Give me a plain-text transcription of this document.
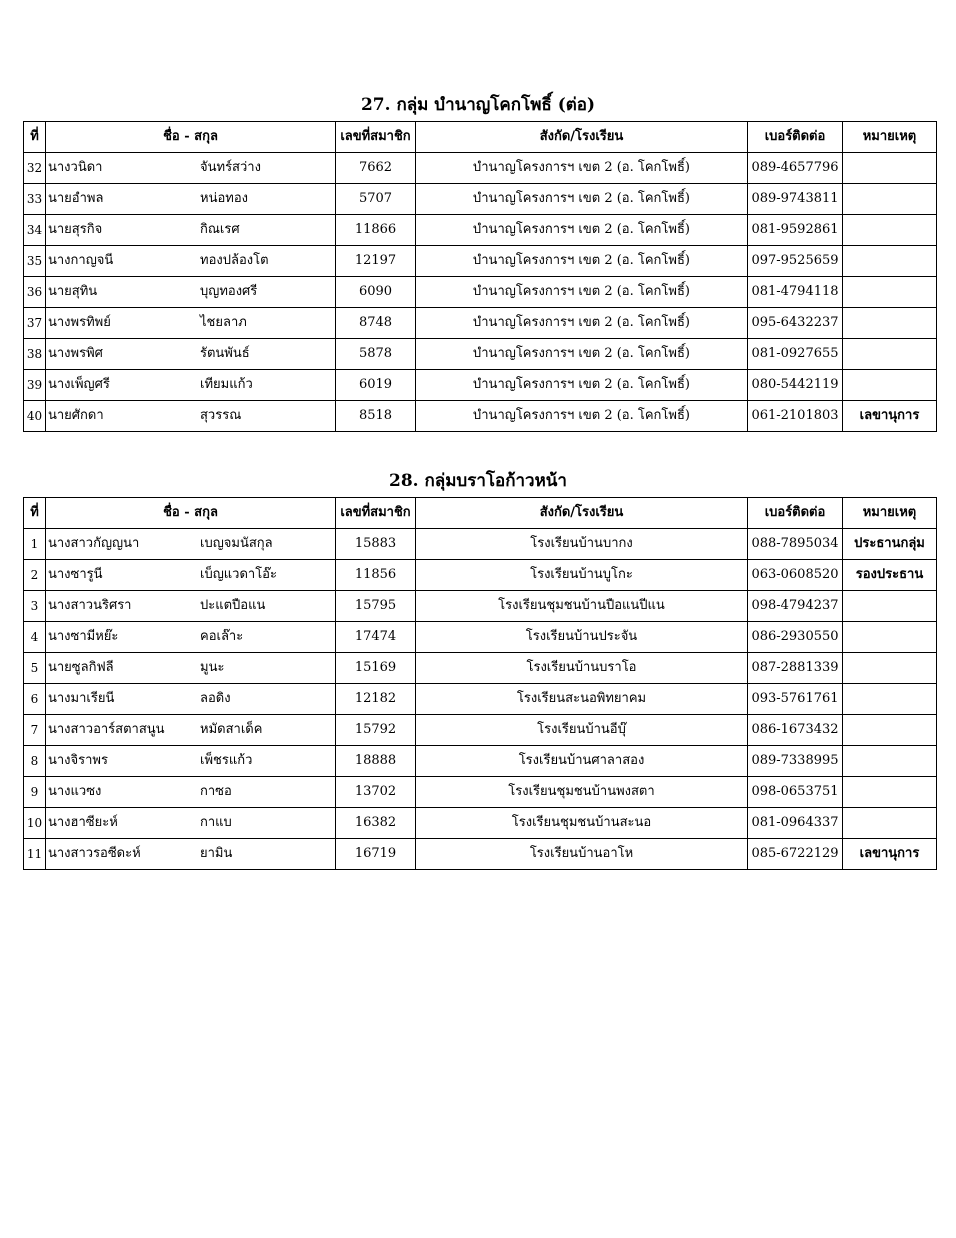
27. กลุ่ม บำนาญโคกโพธิ์ (ต่อ)
ที่	ชื่อ - สกุล	เลขที่สมาชิก	สังกัด/โรงเรียน	เบอร์ติดต่อ	หมายเหตุ
32	นางวนิดา จันทร์สว่าง	7662	บำนาญโครงการฯ เขต 2 (อ. โคกโพธิ์)	089-4657796	
33	นายอำพล หน่อทอง	5707	บำนาญโครงการฯ เขต 2 (อ. โคกโพธิ์)	089-9743811	
34	นายสุรกิจ กิณเรศ	11866	บำนาญโครงการฯ เขต 2 (อ. โคกโพธิ์)	081-9592861	
35	นางกาญจนี ทองปล้องโต	12197	บำนาญโครงการฯ เขต 2 (อ. โคกโพธิ์)	097-9525659	
36	นายสุทิน บุญทองศรี	6090	บำนาญโครงการฯ เขต 2 (อ. โคกโพธิ์)	081-4794118	
37	นางพรทิพย์ ไชยลาภ	8748	บำนาญโครงการฯ เขต 2 (อ. โคกโพธิ์)	095-6432237	
38	นางพรพิศ รัตนพันธ์	5878	บำนาญโครงการฯ เขต 2 (อ. โคกโพธิ์)	081-0927655	
39	นางเพ็ญศรี เทียมแก้ว	6019	บำนาญโครงการฯ เขต 2 (อ. โคกโพธิ์)	080-5442119	
40	นายศักดา สุวรรณ	8518	บำนาญโครงการฯ เขต 2 (อ. โคกโพธิ์)	061-2101803	เลขานุการ
28. กลุ่มบราโอก้าวหน้า
ที่	ชื่อ - สกุล	เลขที่สมาชิก	สังกัด/โรงเรียน	เบอร์ติดต่อ	หมายเหตุ
1	นางสาวกัญญนา เบญจมนัสกุล	15883	โรงเรียนบ้านบากง	088-7895034	ประธานกลุ่ม
2	นางซารูนี เบ็ญแวดาโอ๊ะ	11856	โรงเรียนบ้านบูโกะ	063-0608520	รองประธาน
3	นางสาวนริศรา ปะแตปือแน	15795	โรงเรียนชุมชนบ้านปือแนปีแน	098-4794237	
4	นางซามีหย๊ะ คอเล๊าะ	17474	โรงเรียนบ้านประจัน	086-2930550	
5	นายซูลกิฟลี มูนะ	15169	โรงเรียนบ้านบราโอ	087-2881339	
6	นางมาเรียนี ลอดิง	12182	โรงเรียนสะนอพิทยาคม	093-5761761	
7	นางสาวอาร์สตาสนูน หมัดสาเด็ค	15792	โรงเรียนบ้านอีบุ๊	086-1673432	
8	นางจิราพร เพ็ชรแก้ว	18888	โรงเรียนบ้านศาลาสอง	089-7338995	
9	นางแวซง กาซอ	13702	โรงเรียนชุมชนบ้านพงสตา	098-0653751	
10	นางฮาซียะห์ กาแบ	16382	โรงเรียนชุมชนบ้านสะนอ	081-0964337	
11	นางสาวรอซีดะห์ ยามิน	16719	โรงเรียนบ้านอาโห	085-6722129	เลขานุการ
